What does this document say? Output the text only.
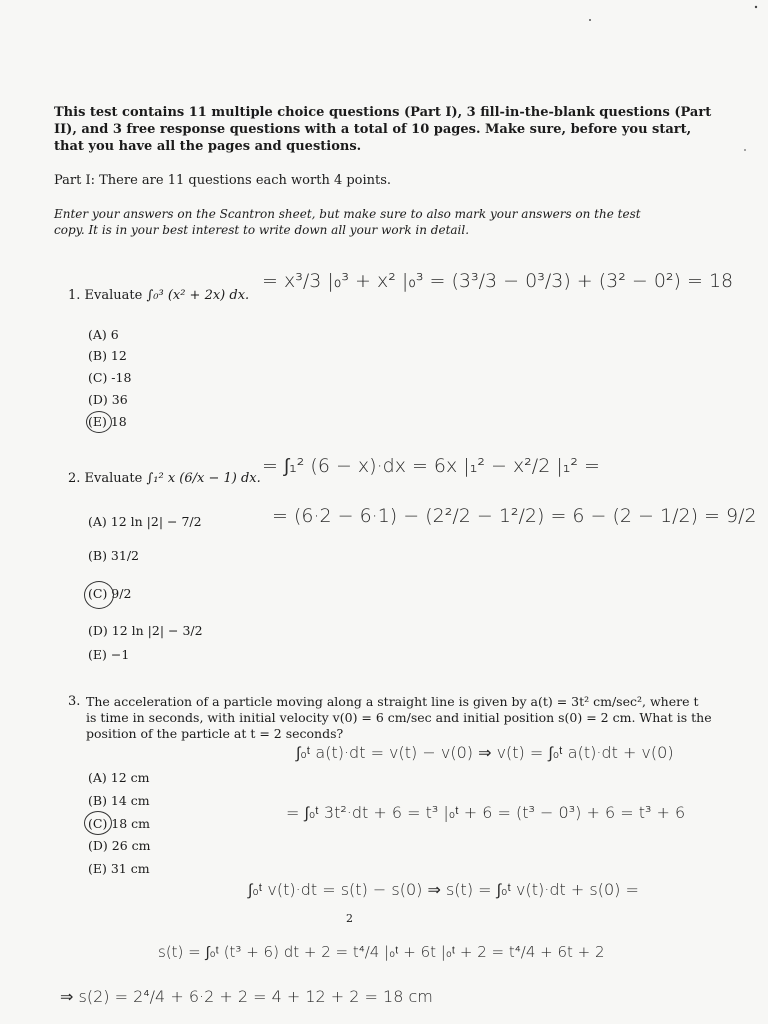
This test contains 11 multiple choice questions (Part I), 3 fill-in-the-blank questions (Part II), and 3 free response questions with a total of 10 pages. Make sure, before you start, that you have all the pages and questions.
Part I: There are 11 questions each worth 4 points.
Enter your answers on the Scantron sheet, but make sure to also mark your answers on the test copy. It is in your best interest to write down all your work in detail.
1. Evaluate ∫₀³ (x² + 2x) dx.
(A) 6
(B) 12
(C) -18
(D) 36
(E) 18
= x³/3 |₀³ + x² |₀³ = (3³/3 − 0³/3) + (3² − 0²) = 18
2. Evaluate ∫₁² x (6/x − 1) dx.
(A) 12 ln |2| − 7/2
(B) 31/2
(C) 9/2
(D) 12 ln |2| − 3/2
(E) −1
= ∫₁² (6 − x)·dx = 6x |₁² − x²/2 |₁² =
= (6·2 − 6·1) − (2²/2 − 1²/2) = 6 − (2 − 1/2) = 9/2
3. The acceleration of a particle moving along a straight line is given by a(t) = 3t² cm/sec², where t is time in seconds, with initial velocity v(0) = 6 cm/sec and initial position s(0) = 2 cm. What is the position of the particle at t = 2 seconds?
(A) 12 cm
(B) 14 cm
(C) 18 cm
(D) 26 cm
(E) 31 cm
∫₀ᵗ a(t)·dt = v(t) − v(0) ⇒ v(t) = ∫₀ᵗ a(t)·dt + v(0)
= ∫₀ᵗ 3t²·dt + 6 = t³ |₀ᵗ + 6 = (t³ − 0³) + 6 = t³ + 6
∫₀ᵗ v(t)·dt = s(t) − s(0) ⇒ s(t) = ∫₀ᵗ v(t)·dt + s(0) =
s(t) = ∫₀ᵗ (t³ + 6) dt + 2 = t⁴/4 |₀ᵗ + 6t |₀ᵗ + 2 = t⁴/4 + 6t + 2
⇒ s(2) = 2⁴/4 + 6·2 + 2 = 4 + 12 + 2 = 18 cm
2
